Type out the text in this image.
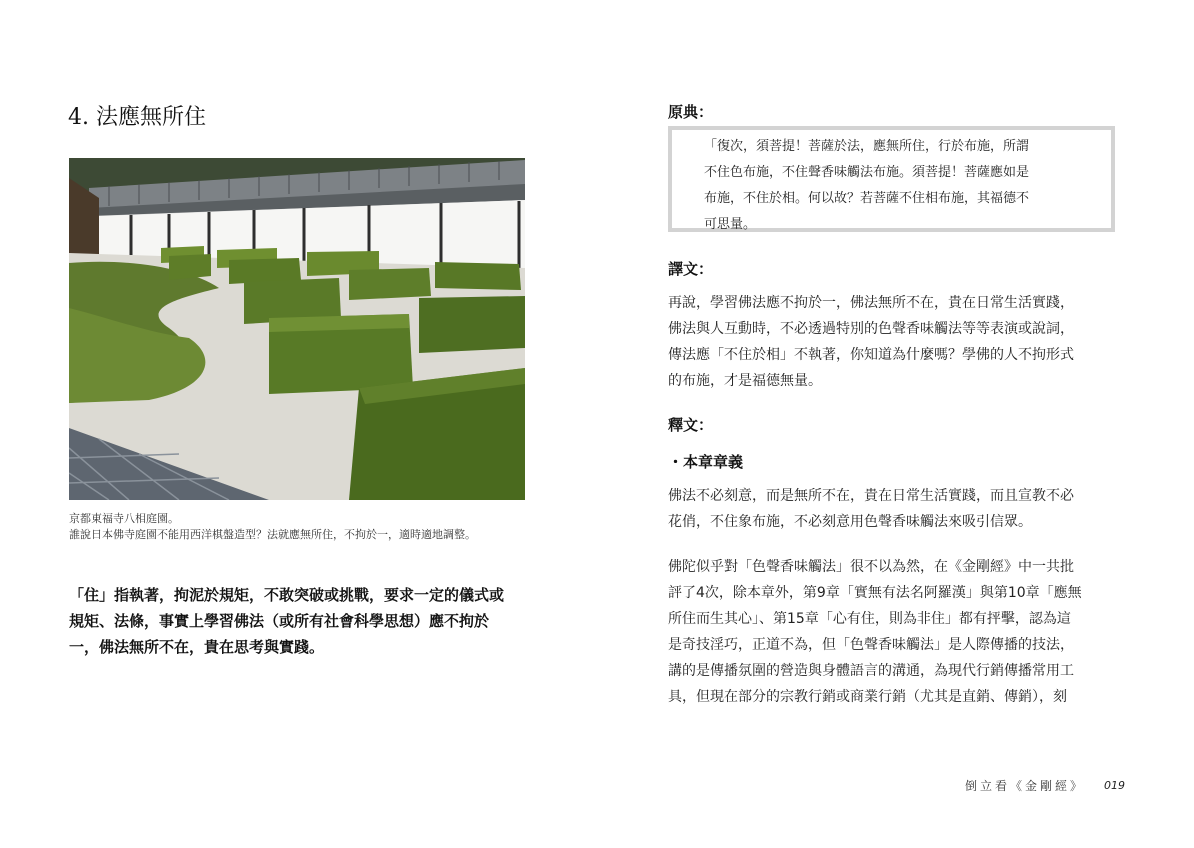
4. 法應無所住
京都東福寺八相庭園。
誰說日本佛寺庭園不能用西洋棋盤造型？法就應無所住，不拘於一，適時適地調整。
「住」指執著，拘泥於規矩，不敢突破或挑戰，要求一定的儀式或
規矩、法條，事實上學習佛法（或所有社會科學思想）應不拘於
一，佛法無所不在，貴在思考與實踐。
原典：
「復次，須菩提！菩薩於法，應無所住，行於布施，所謂
不住色布施，不住聲香味觸法布施。須菩提！菩薩應如是
布施，不住於相。何以故？若菩薩不住相布施，其福德不
可思量。
譯文：
再說，學習佛法應不拘於一，佛法無所不在，貴在日常生活實踐，
佛法與人互動時，不必透過特別的色聲香味觸法等等表演或說詞，
傳法應「不住於相」不執著，你知道為什麼嗎？學佛的人不拘形式
的布施，才是福德無量。
釋文：
・本章章義
佛法不必刻意，而是無所不在，貴在日常生活實踐，而且宣教不必
花俏，不住象布施，不必刻意用色聲香味觸法來吸引信眾。
佛陀似乎對「色聲香味觸法」很不以為然，在《金剛經》中一共批
評了4次，除本章外，第9章「實無有法名阿羅漢」與第10章「應無
所住而生其心」、第15章「心有住，則為非住」都有抨擊，認為這
是奇技淫巧，正道不為，但「色聲香味觸法」是人際傳播的技法，
講的是傳播氛圍的營造與身體語言的溝通，為現代行銷傳播常用工
具，但現在部分的宗教行銷或商業行銷（尤其是直銷、傳銷），刻
倒立看《金剛經》 019
